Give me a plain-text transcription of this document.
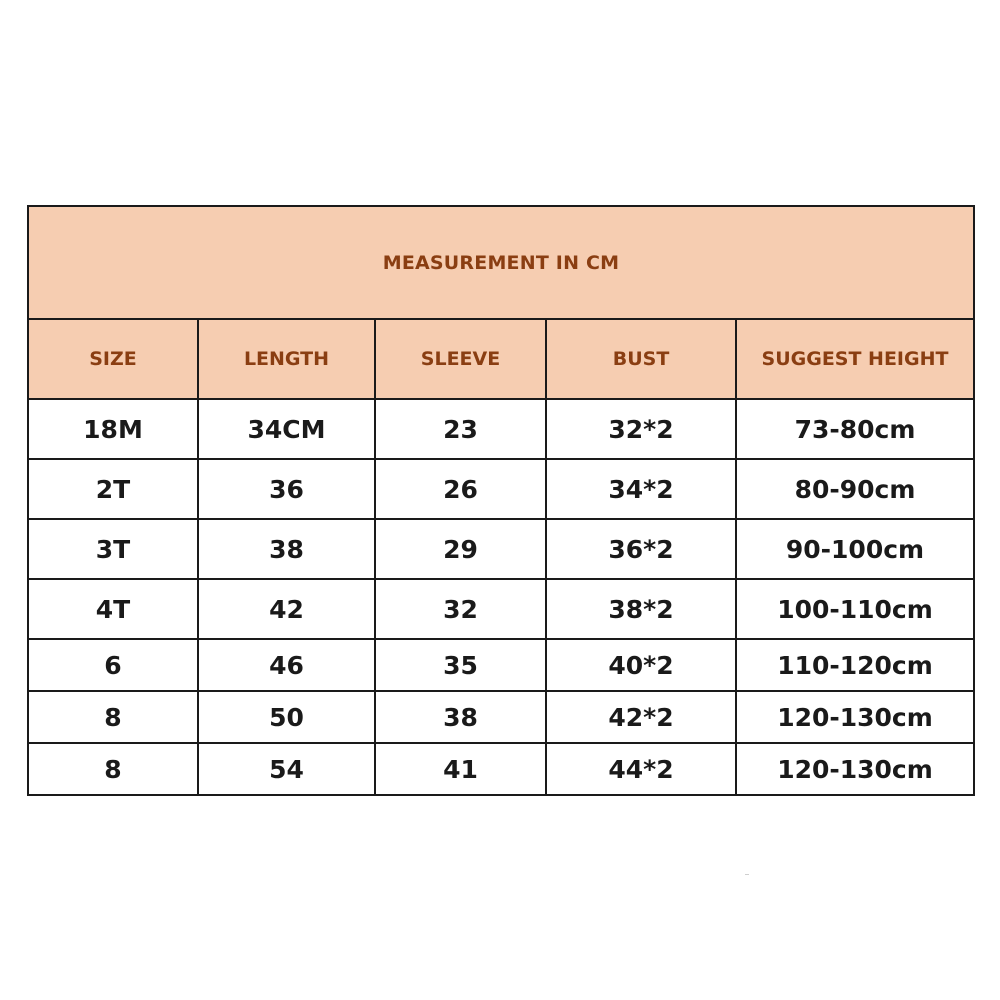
MEASUREMENT IN CM				
SIZE	LENGTH	SLEEVE	BUST	SUGGEST HEIGHT
18M	34CM	23	32*2	73-80cm
2T	36	26	34*2	80-90cm
3T	38	29	36*2	90-100cm
4T	42	32	38*2	100-110cm
6	46	35	40*2	110-120cm
8	50	38	42*2	120-130cm
8	54	41	44*2	120-130cm
